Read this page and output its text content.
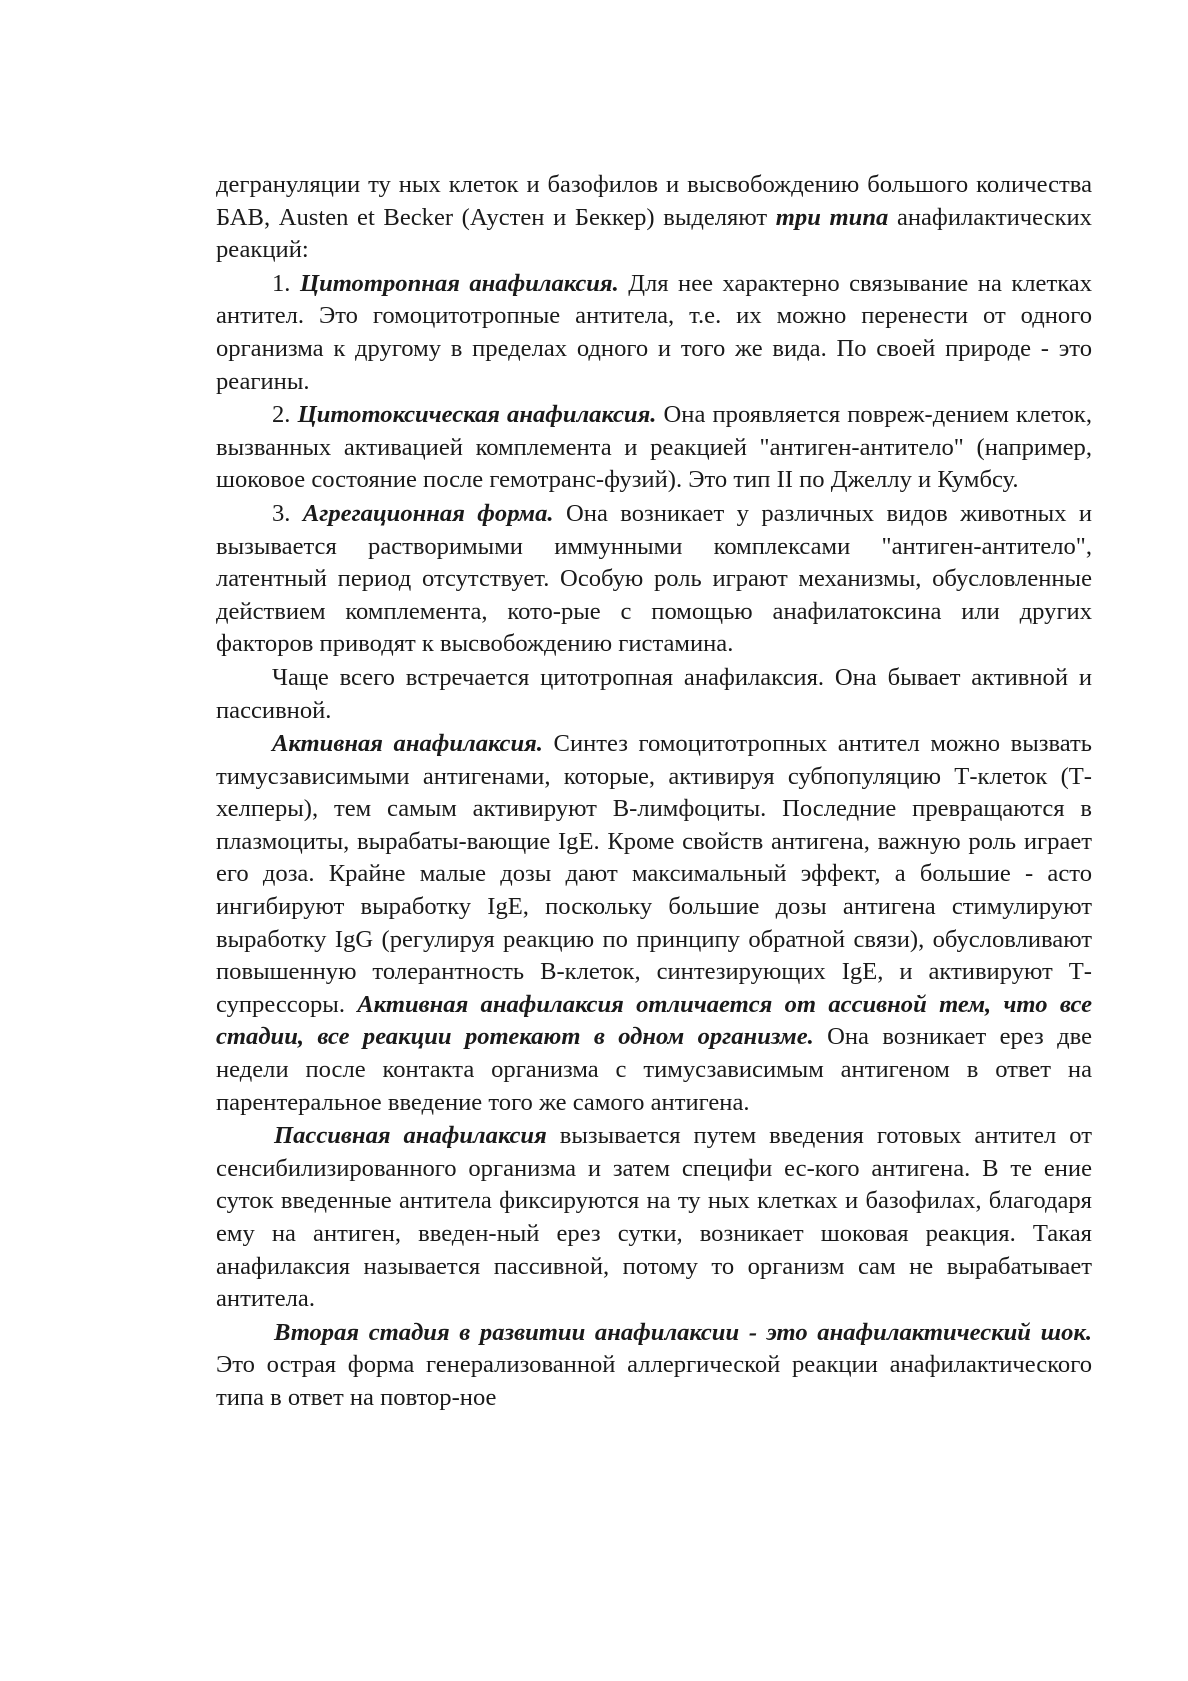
дегрануляции ту ных клеток и базофилов и высвобождению большого количества БАВ, Austen et Becker (Аустен и Беккер) выделяют три типа анафилактических реакций:

1. Цитотропная анафилаксия. Для нее характерно связывание на клетках антител. Это гомоцитотропные антитела, т.е. их можно перенести от одного организма к другому в пределах одного и того же вида. По своей природе - это реагины.

2. Цитотоксическая анафилаксия. Она проявляется повреж-дением клеток, вызванных активацией комплемента и реакцией "антиген-антитело" (например, шоковое состояние после гемотранс-фузий). Это тип II по Джеллу и Кумбсу.

3. Агрегационная форма. Она возникает у различных видов животных и вызывается растворимыми иммунными комплексами "антиген-антитело", латентный период отсутствует. Особую роль играют механизмы, обусловленные действием комплемента, кото-рые с помощью анафилатоксина или других факторов приводят к высвобождению гистамина.

Чаще всего встречается цитотропная анафилаксия. Она бывает активной и пассивной.

Активная анафилаксия. Синтез гомоцитотропных антител можно вызвать тимусзависимыми антигенами, которые, активируя субпопуляцию Т-клеток (Т-хелперы), тем самым активируют В-лимфоциты. Последние превращаются в плазмоциты, вырабаты-вающие IgE. Кроме свойств антигена, важную роль играет его доза. Крайне малые дозы дают максимальный эффект, а большие - асто ингибируют выработку IgE, поскольку большие дозы антигена стимулируют выработку IgG (регулируя реакцию по принципу обратной связи), обусловливают повышенную толерантность В-клеток, синтезирующих IgE, и активируют Т-супрессоры. Активная анафилаксия отличается от ассивной тем, что все стадии, все реакции ротекают в одном организме. Она возникает ерез две недели после контакта организма с тимусзависимым антигеном в ответ на парентеральное введение того же самого антигена.

Пассивная анафилаксия вызывается путем введения готовых антител от сенсибилизированного организма и затем специфи ес-кого антигена. В те ение суток введенные антитела фиксируются на ту ных клетках и базофилах, благодаря ему на антиген, введен-ный ерез сутки, возникает шоковая реакция. Такая анафилаксия называется пассивной, потому то организм сам не вырабатывает антитела.

Вторая стадия в развитии анафилаксии - это анафилактический шок. Это острая форма генерализованной аллергической реакции анафилактического типа в ответ на повтор-ное
